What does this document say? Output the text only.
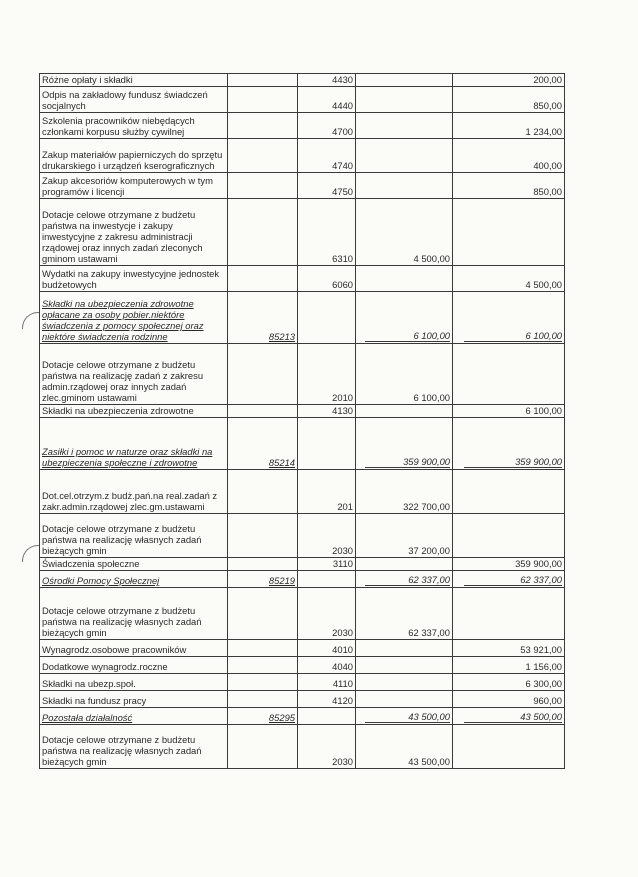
Różne opłaty i składki		4430		200,00
Odpis na zakładowy fundusz świadczeń socjalnych		4440		850,00
Szkolenia pracowników niebędących członkami korpusu służby cywilnej		4700		1 234,00
Zakup materiałów papierniczych do sprzętu drukarskiego i urządzeń kserograficznych		4740		400,00
Zakup akcesoriów komputerowych w tym programów i licencji		4750		850,00
Dotacje celowe otrzymane z budżetu państwa na inwestycje i zakupy inwestycyjne z zakresu administracji rządowej oraz innych zadań zleconych gminom ustawami		6310	4 500,00	
Wydatki na zakupy inwestycyjne jednostek budżetowych		6060		4 500,00
Składki na ubezpieczenia zdrowotne opłacane za osoby pobier.niektóre świadczenia z pomocy społecznej oraz niektóre świadczenia rodzinne	85213		6 100,00	6 100,00
Dotacje celowe otrzymane z budżetu państwa na realizację zadań z zakresu admin.rządowej oraz innych zadań zlec.gminom ustawami		2010	6 100,00	
Składki na ubezpieczenia zdrowotne		4130		6 100,00
Zasiłki i pomoc w naturze oraz składki na ubezpieczenia społeczne i zdrowotne	85214		359 900,00	359 900,00
Dot.cel.otrzym.z budż.pań.na real.zadań z zakr.admin.rządowej zlec.gm.ustawami		201	322 700,00	
Dotacje celowe otrzymane z budżetu państwa na realizację własnych zadań bieżących gmin		2030	37 200,00	
Świadczenia społeczne		3110		359 900,00
Ośrodki Pomocy Społecznej	85219		62 337,00	62 337,00
Dotacje celowe otrzymane z budżetu państwa na realizację własnych zadań bieżących gmin		2030	62 337,00	
Wynagrodz.osobowe pracowników		4010		53 921,00
Dodatkowe wynagrodz.roczne		4040		1 156,00
Składki na ubezp.społ.		4110		6 300,00
Składki na fundusz pracy		4120		960,00
Pozostała działalność	85295		43 500,00	43 500,00
Dotacje celowe otrzymane z budżetu państwa na realizację własnych zadań bieżących gmin		2030	43 500,00	
